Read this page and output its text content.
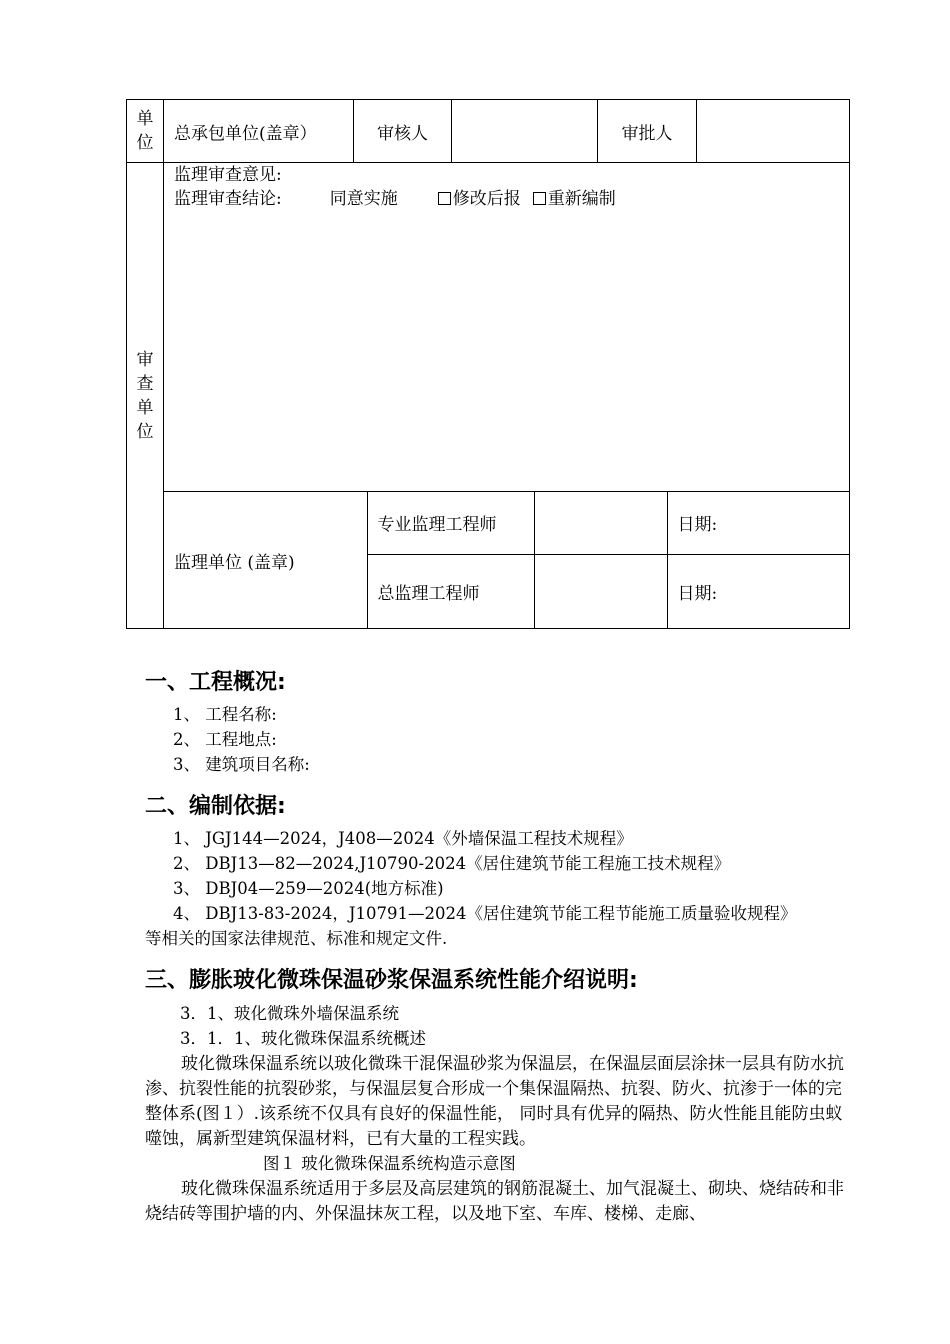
单
位	总承包单位(盖章）	审核人		审批人	
审
查
单
位	
监理审查意见:
监理审查结论:	同意实施	修改后报 重新编制

监理单位 (盖章)	专业监理工程师		日期:
总监理工程师		日期:
一、工程概况:
1、 工程名称:
2、 工程地点:
3、 建筑项目名称:
二、编制依据:
1、 JGJ144—2024，J408—2024《外墙保温工程技术规程》
2、 DBJ13—82—2024,J10790-2024《居住建筑节能工程施工技术规程》
3、 DBJ04—259—2024(地方标准)
4、 DBJ13-83-2024，J10791—2024《居住建筑节能工程节能施工质量验收规程》
等相关的国家法律规范、标准和规定文件.
三、膨胀玻化微珠保温砂浆保温系统性能介绍说明:
3．1、玻化微珠外墙保温系统
3．1．1、玻化微珠保温系统概述
玻化微珠保温系统以玻化微珠干混保温砂浆为保温层，在保温层面层涂抹一层具有防水抗渗、抗裂性能的抗裂砂浆，与保温层复合形成一个集保温隔热、抗裂、防火、抗渗于一体的完整体系(图１）.该系统不仅具有良好的保温性能， 同时具有优异的隔热、防火性能且能防虫蚁噬蚀，属新型建筑保温材料，已有大量的工程实践。
图１ 玻化微珠保温系统构造示意图
玻化微珠保温系统适用于多层及高层建筑的钢筋混凝土、加气混凝土、砌块、烧结砖和非烧结砖等围护墙的内、外保温抹灰工程，以及地下室、车库、楼梯、走廊、
